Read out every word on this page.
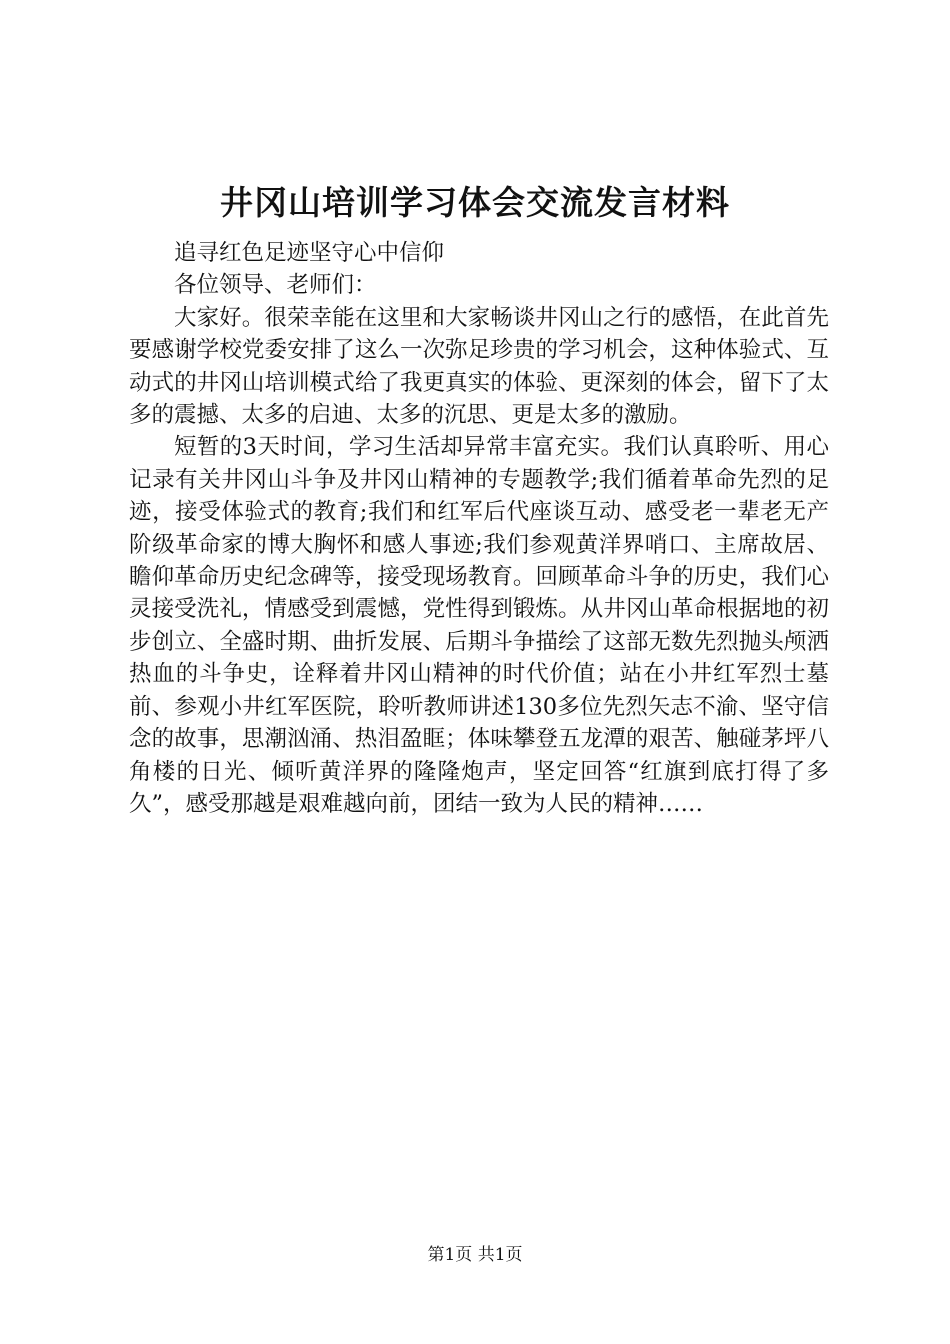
井冈山培训学习体会交流发言材料

追寻红色足迹坚守心中信仰

各位领导、老师们：

大家好。很荣幸能在这里和大家畅谈井冈山之行的感悟，在此首先要感谢学校党委安排了这么一次弥足珍贵的学习机会，这种体验式、互动式的井冈山培训模式给了我更真实的体验、更深刻的体会，留下了太多的震撼、太多的启迪、太多的沉思、更是太多的激励。

短暂的3天时间，学习生活却异常丰富充实。我们认真聆听、用心记录有关井冈山斗争及井冈山精神的专题教学;我们循着革命先烈的足迹，接受体验式的教育;我们和红军后代座谈互动、感受老一辈老无产阶级革命家的博大胸怀和感人事迹;我们参观黄洋界哨口、主席故居、瞻仰革命历史纪念碑等，接受现场教育。回顾革命斗争的历史，我们心灵接受洗礼，情感受到震憾，党性得到锻炼。从井冈山革命根据地的初步创立、全盛时期、曲折发展、后期斗争描绘了这部无数先烈抛头颅洒热血的斗争史，诠释着井冈山精神的时代价值；站在小井红军烈士墓前、参观小井红军医院，聆听教师讲述130多位先烈矢志不渝、坚守信念的故事，思潮汹涌、热泪盈眶；体味攀登五龙潭的艰苦、触碰茅坪八角楼的日光、倾听黄洋界的隆隆炮声，坚定回答“红旗到底打得了多久”，感受那越是艰难越向前，团结一致为人民的精神……

第1页 共1页
